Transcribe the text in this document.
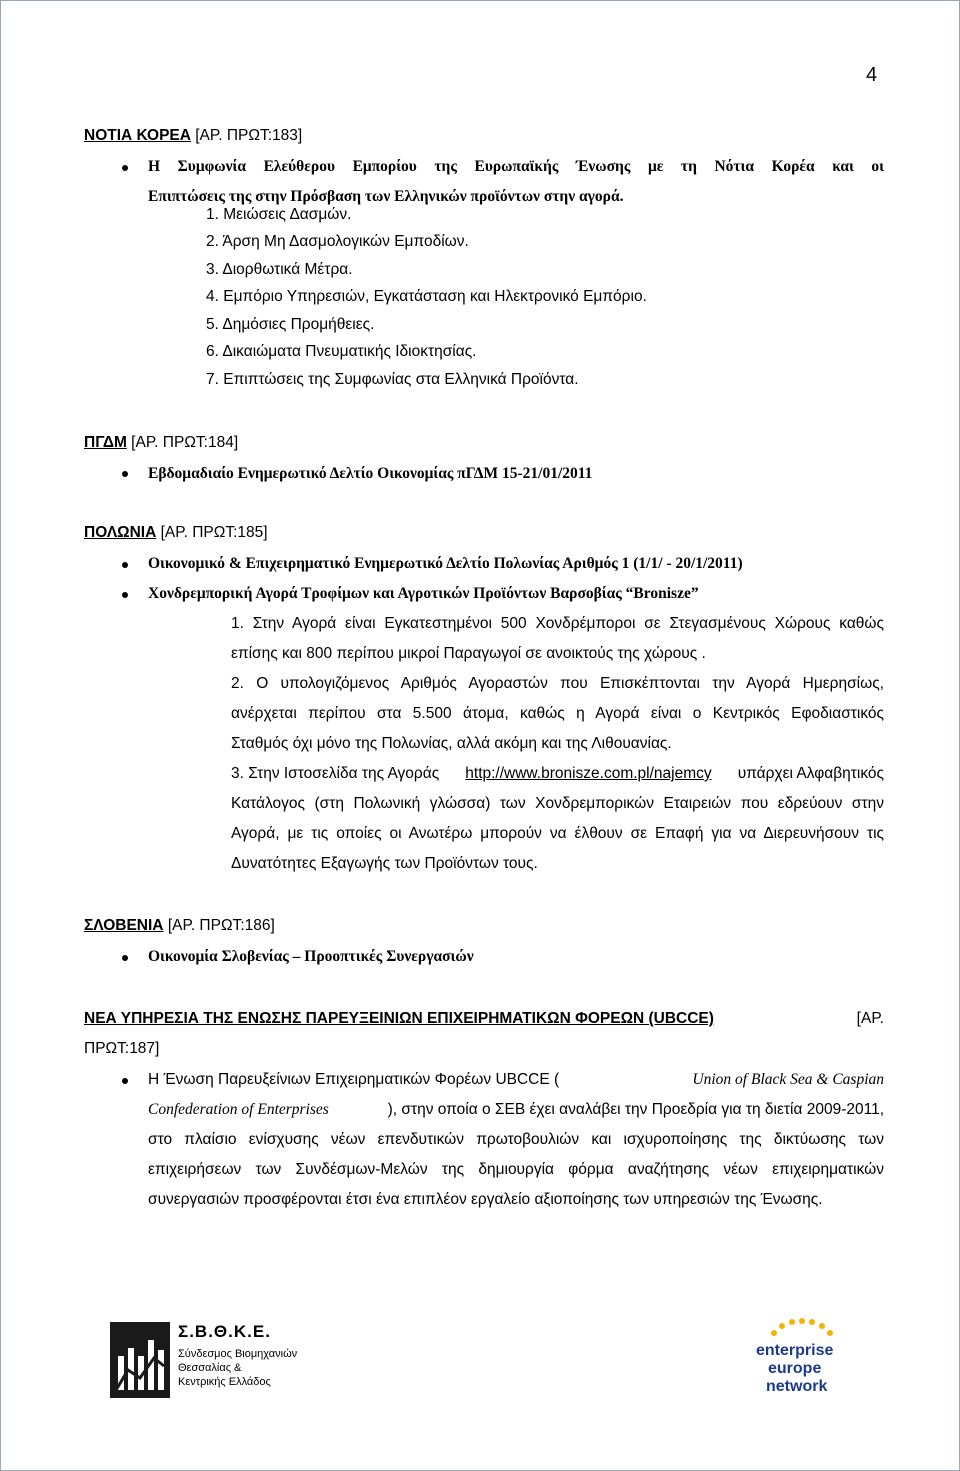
4
ΝΟΤΙΑ ΚΟΡΕΑ [ΑΡ. ΠΡΩΤ:183]
Η Συμφωνία Ελεύθερου Εμπορίου της Ευρωπαϊκής Ένωσης με τη Νότια Κορέα και οι
Επιπτώσεις της στην Πρόσβαση των Ελληνικών προϊόντων στην αγορά.
1. Μειώσεις Δασμών.
2. Άρση Μη Δασμολογικών Εμποδίων.
3. Διορθωτικά Μέτρα.
4. Εμπόριο Υπηρεσιών, Εγκατάσταση και Ηλεκτρονικό Εμπόριο.
5. Δημόσιες Προμήθειες.
6. Δικαιώματα Πνευματικής Ιδιοκτησίας.
7. Επιπτώσεις της Συμφωνίας στα Ελληνικά Προϊόντα.
ΠΓΔΜ [ΑΡ. ΠΡΩΤ:184]
Εβδομαδιαίο Ενημερωτικό Δελτίο Οικονομίας πΓΔΜ 15-21/01/2011
ΠΟΛΩΝΙΑ [ΑΡ. ΠΡΩΤ:185]
Οικονομικό & Επιχειρηματικό Ενημερωτικό Δελτίο Πολωνίας Αριθμός 1 (1/1/ - 20/1/2011)
Χονδρεμπορική Αγορά Τροφίμων και Αγροτικών Προϊόντων Βαρσοβίας “Bronisze”
1. Στην Αγορά είναι Εγκατεστημένοι 500 Χονδρέμποροι σε Στεγασμένους Χώρους καθώς
επίσης και 800 περίπου μικροί Παραγωγοί σε ανοικτούς της χώρους .
2. Ο υπολογιζόμενος Αριθμός Αγοραστών που Επισκέπτονται την Αγορά Ημερησίως,
ανέρχεται περίπου στα 5.500 άτομα, καθώς η Αγορά είναι ο Κεντρικός Εφοδιαστικός
Σταθμός όχι μόνο της Πολωνίας, αλλά ακόμη και της Λιθουανίας.
3. Στην Ιστοσελίδα της Αγοράς http://www.bronisze.com.pl/najemcy υπάρχει Αλφαβητικός
Κατάλογος (στη Πολωνική γλώσσα) των Χονδρεμπορικών Εταιρειών που εδρεύουν στην
Αγορά, με τις οποίες οι Ανωτέρω μπορούν να έλθουν σε Επαφή για να Διερευνήσουν τις
Δυνατότητες Εξαγωγής των Προϊόντων τους.
ΣΛΟΒΕΝΙΑ [ΑΡ. ΠΡΩΤ:186]
Οικονομία Σλοβενίας – Προοπτικές Συνεργασιών
ΝΕΑ ΥΠΗΡΕΣΙΑ ΤΗΣ ΕΝΩΣΗΣ ΠΑΡΕΥΞΕΙΝΙΩΝ ΕΠΙΧΕΙΡΗΜΑΤΙΚΩΝ ΦΟΡΕΩΝ (UBCCE)	[ΑΡ.
ΠΡΩΤ:187]
Η Ένωση Παρευξείνιων Επιχειρηματικών Φορέων UBCCE (	Union of Black Sea & Caspian
Confederation of Enterprises	), στην οποία ο ΣΕΒ έχει αναλάβει την Προεδρία για τη διετία 2009-2011,
στο πλαίσιο ενίσχυσης νέων επενδυτικών πρωτοβουλιών και ισχυροποίησης της δικτύωσης των
επιχειρήσεων των Συνδέσμων-Μελών της δημιουργία φόρμα αναζήτησης νέων επιχειρηματικών
συνεργασιών προσφέρονται έτσι ένα επιπλέον εργαλείο αξιοποίησης των υπηρεσιών της Ένωσης.
Σ.Β.Θ.Κ.Ε.
Σύνδεσμος Βιομηχανιών
Θεσσαλίας &
Κεντρικής Ελλάδος
enterprise
europe
network
